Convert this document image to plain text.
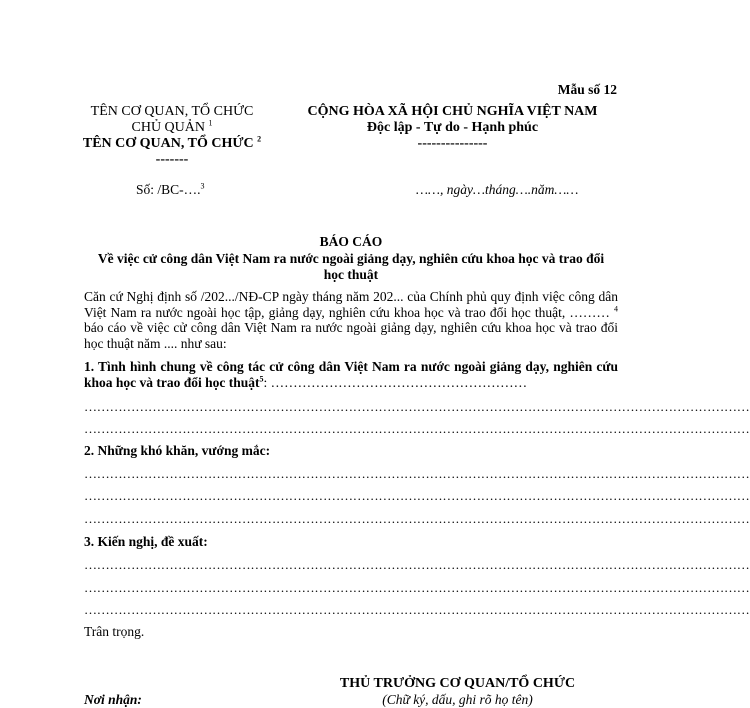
Mẫu số 12
TÊN CƠ QUAN, TỔ CHỨC
CHỦ QUẢN $^1$
TÊN CƠ QUAN, TỔ CHỨC $^2$
-------
CỘNG HÒA XÃ HỘI CHỦ NGHĨA VIỆT NAM
Độc lập - Tự do - Hạnh phúc
---------------
Số: /BC-….$^3$	……, ngày…tháng….năm……
BÁO CÁO
Về việc cử công dân Việt Nam ra nước ngoài giảng dạy, nghiên cứu khoa học và trao đổi
học thuật
Căn cứ Nghị định số /202.../NĐ-CP ngày tháng năm 202... của Chính phủ quy định việc công dân Việt Nam ra nước ngoài học tập, giảng dạy, nghiên cứu khoa học và trao đổi học thuật, ……… $^4$ báo cáo về việc cử công dân Việt Nam ra nước ngoài giảng dạy, nghiên cứu khoa học và trao đổi học thuật năm .... như sau:
1. Tình hình chung về công tác cử công dân Việt Nam ra nước ngoài giảng dạy, nghiên cứu khoa học và trao đổi học thuật$^5$: …………………………………………………
…………………………………………………………………………………………………………………………………………
…………………………………………………………………………………………………………………………………………
2. Những khó khăn, vướng mắc:
…………………………………………………………………………………………………………………………………………
…………………………………………………………………………………………………………………………………………
…………………………………………………………………………………………………………………………………………
3. Kiến nghị, đề xuất:
…………………………………………………………………………………………………………………………………………
…………………………………………………………………………………………………………………………………………
…………………………………………………………………………………………………………………………………………
Trân trọng.
THỦ TRƯỞNG CƠ QUAN/TỔ CHỨC
(Chữ ký, dấu, ghi rõ họ tên)
Nơi nhận:
